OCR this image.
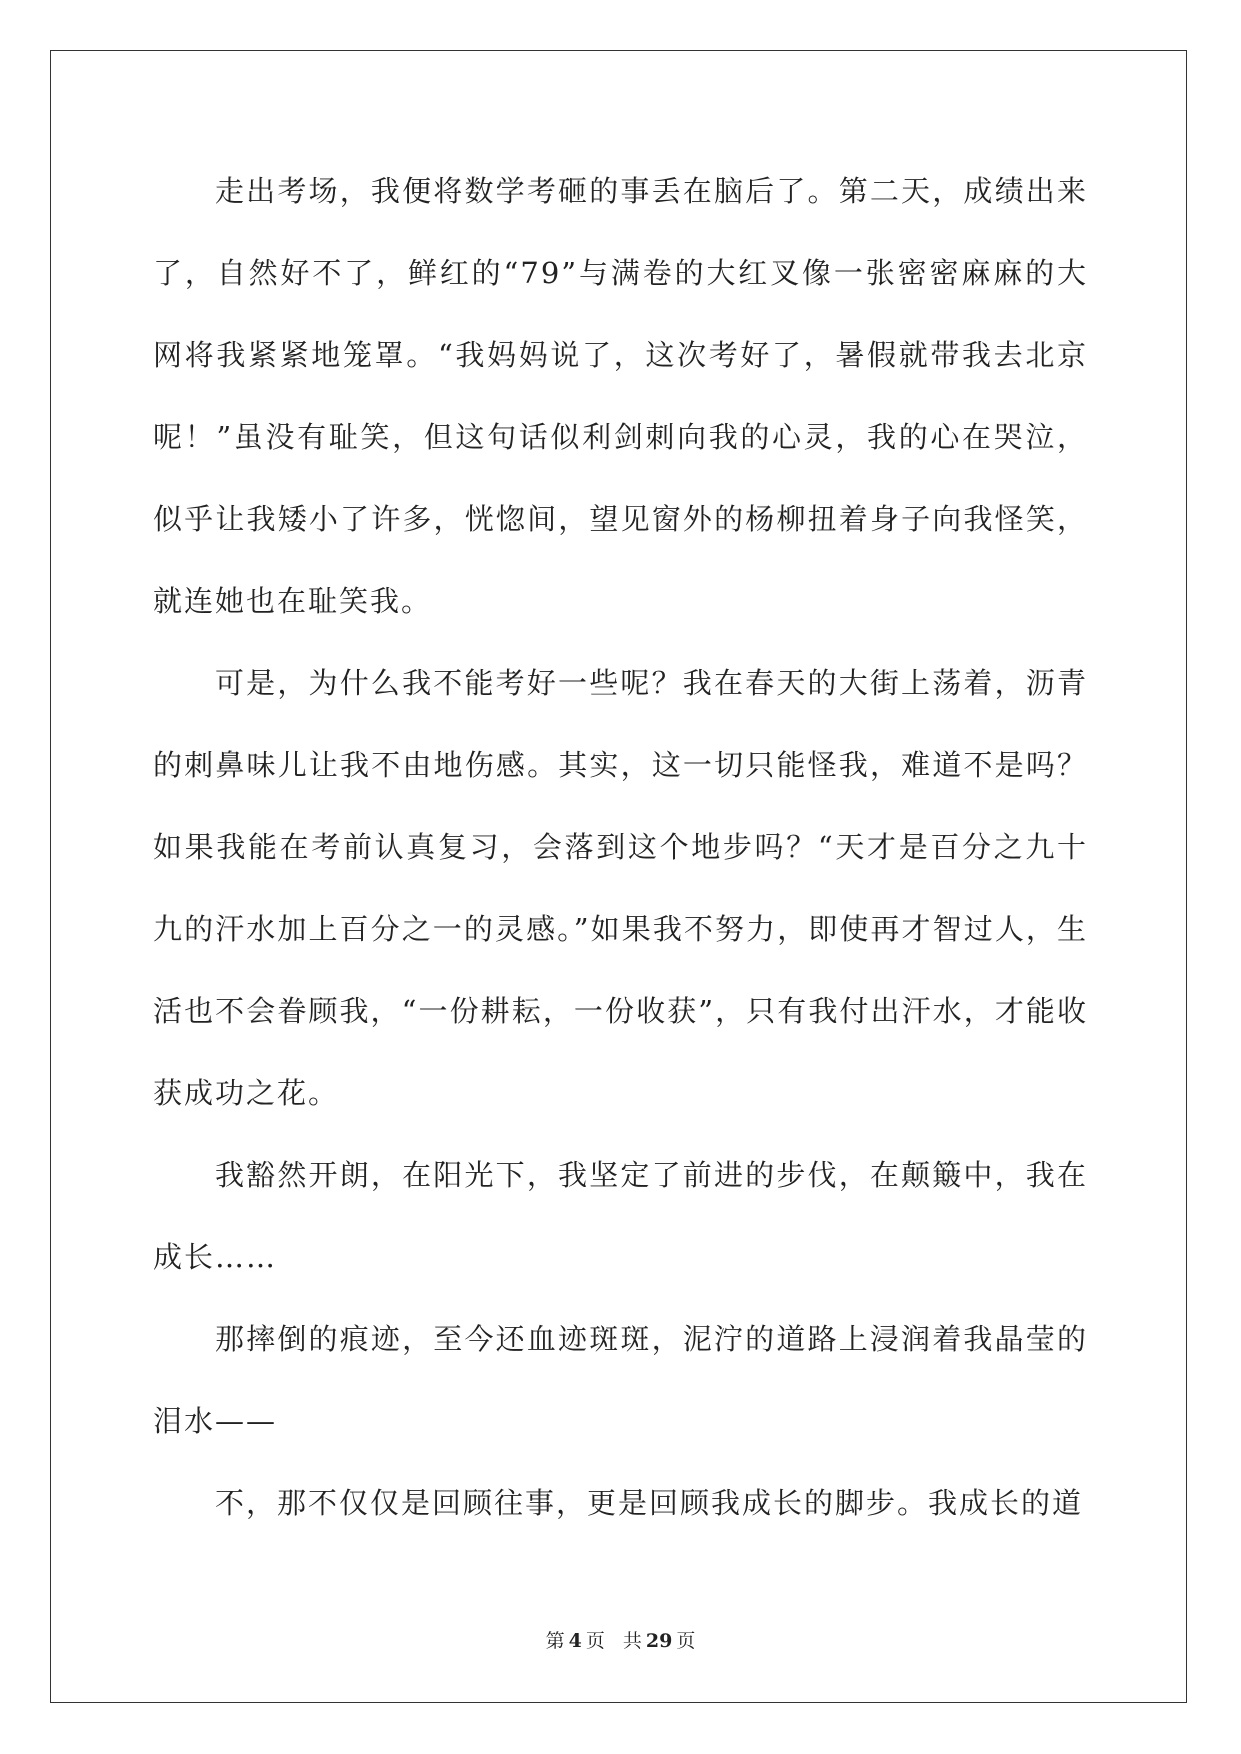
走出考场，我便将数学考砸的事丢在脑后了。第二天，成绩出来了，自然好不了，鲜红的“79”与满卷的大红叉像一张密密麻麻的大网将我紧紧地笼罩。“我妈妈说了，这次考好了，暑假就带我去北京呢！”虽没有耻笑，但这句话似利剑刺向我的心灵，我的心在哭泣，似乎让我矮小了许多，恍惚间，望见窗外的杨柳扭着身子向我怪笑，就连她也在耻笑我。

可是，为什么我不能考好一些呢？我在春天的大街上荡着，沥青的刺鼻味儿让我不由地伤感。其实，这一切只能怪我，难道不是吗？如果我能在考前认真复习，会落到这个地步吗？“天才是百分之九十九的汗水加上百分之一的灵感。”如果我不努力，即使再才智过人，生活也不会眷顾我，“一份耕耘，一份收获”，只有我付出汗水，才能收获成功之花。

我豁然开朗，在阳光下，我坚定了前进的步伐，在颠簸中，我在成长……

那摔倒的痕迹，至今还血迹斑斑，泥泞的道路上浸润着我晶莹的泪水——

不，那不仅仅是回顾往事，更是回顾我成长的脚步。我成长的道

第 4 页 共 29 页
